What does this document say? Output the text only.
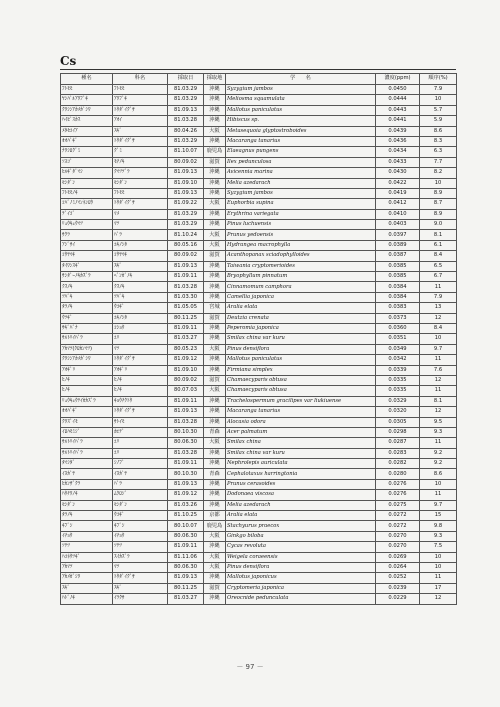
Cs
種名	科名	採取日	採取地	学　　名	濃度(ppm)	順序(%)
ﾌﾄﾓﾓ	ﾌﾄﾓﾓ	81.03.29	沖縄	Syzygium jambos	0.0450	7.9
ﾔﾝﾊﾞﾙｱﾜﾌﾞｷ	ｱﾜﾌﾞｷ	81.03.29	沖縄	Meliosma squamulata	0.0444	10
ｸﾜｼﾝｱｶﾒｶﾞｼﾜ	ﾄｳﾀﾞｲｸﾞｻ	81.09.13	沖縄	Mallotus paniculatus	0.0443	5.7
ﾊｲﾋﾞｽｶｽ	ｱｵｲ	81.03.28	沖縄	Hibiscus sp.	0.0441	5.9
ﾒﾀｾｺｲｱ	ｽｷﾞ	80.04.26	大阪	Metasequoia glyptostroboides	0.0439	8.6
ｵｵﾊﾞｷﾞ	ﾄｳﾀﾞｲｸﾞｻ	81.03.29	沖縄	Macaranga tanarius	0.0436	8.3
ﾅﾜｼﾛｸﾞﾐ	ｸﾞﾐ	81.10.07	鹿児島	Elaeagnus pungens	0.0434	6.3
ｿﾖｺﾞ	ﾓﾁﾉｷ	80.09.02	滋賀	Ilex pedunculosa	0.0433	7.7
ﾋﾙｷﾞﾀﾞﾏｼ	ｸﾏﾂﾂﾞﾗ	81.09.13	沖縄	Avicennia marina	0.0430	8.2
ｾﾝﾀﾞﾝ	ｾﾝﾀﾞﾝ	81.09.10	沖縄	Melia azedarach	0.0422	10
ﾌﾄﾓﾓﾉｷ	ﾌﾄﾓﾓ	81.09.13	沖縄	Syzygium jambos	0.0419	8.9
ｺﾊﾞﾉﾐﾉﾏﾝﾈﾝﾛｳ	ﾄｳﾀﾞｲｸﾞｻ	81.09.22	大阪	Euphorbia supina	0.0412	8.7
ﾃﾞｲｺﾞ	ﾏﾒ	81.03.29	沖縄	Erythrina variegata	0.0410	8.9
ﾘｭｳｷｭｳﾏﾂ	ﾏﾂ	81.03.29	沖縄	Pinus luchuensis	0.0403	9.0
ｻｸﾗ	ﾊﾞﾗ	81.10.24	大阪	Prunus yedoensis	0.0397	8.1
ｱｼﾞｻｲ	ﾕｷﾉｼﾀ	80.05.16	大阪	Hydrangea macrophylla	0.0389	6.1
ｺｳﾔﾏｷ	ｺｳﾔﾏｷ	80.09.02	滋賀	Acanthopanax sciadophylloides	0.0387	8.4
ﾀｲﾜﾝｽｷﾞ	ｽｷﾞ	81.09.13	沖縄	Taiwania cryptomerioides	0.0385	6.5
ｻﾝﾀﾞｰﾉｷｶｽﾞﾗ	ﾍﾟﾝｶﾞﾉｷ	81.09.11	沖縄	Bryophyllum pinnatum	0.0385	6.7
ｸｽﾉｷ	ｸｽﾉｷ	81.03.28	沖縄	Cinnamomum camphora	0.0384	11
ﾂﾊﾞｷ	ﾂﾊﾞｷ	81.03.30	沖縄	Camellia japonica	0.0384	7.9
ﾀﾗﾉｷ	ｳｺｷﾞ	81.05.05	宮城	Aralia elata	0.0383	13
ｳﾂｷﾞ	ﾕｷﾉｼﾀ	80.11.25	滋賀	Deutzia crenata	0.0373	12
ｻｷﾞﾊﾞﾅ	ｺｼｮｳ	81.09.11	沖縄	Peperomia japonica	0.0360	8.4
ｻﾙﾄﾘｲﾊﾞﾗ	ﾕﾘ	81.03.27	沖縄	Smilax china var kuru	0.0351	10
ｱｶﾏﾂ(ｸﾛｶﾝﾏﾂ)	ﾏﾂ	80.05.23	大阪	Pinus densiflora	0.0349	9.7
ｸﾜｼﾝｱｶﾒｶﾞｼﾜ	ﾄｳﾀﾞｲｸﾞｻ	81.09.12	沖縄	Mallotus paniculatus	0.0342	11
ｱｵｷﾞﾘ	ｱｵｷﾞﾘ	81.09.10	沖縄	Firmiana simplex	0.0339	7.6
ﾋﾉｷ	ﾋﾉｷ	80.09.02	滋賀	Chamaecyparis obtusa	0.0335	12
ﾋﾉｷ	ﾋﾉｷ	80.07.03	大阪	Chamaecyparis obtusa	0.0335	11
ﾘｭｳｷｭｳﾃｲｶｶｽﾞﾗ	ｷｮｳﾁｸﾄｳ	81.09.11	沖縄	Trachelospermum gracilipes var liukiuense	0.0329	8.1
ｵｵﾊﾞｷﾞ	ﾄｳﾀﾞｲｸﾞｻ	81.09.13	沖縄	Macaranga tanarius	0.0320	12
ｸﾜｽﾞｲﾓ	ｻﾄｲﾓ	81.03.28	沖縄	Alocasia odora	0.0305	9.5
ｲﾛﾊﾓﾐｼﾞ	ｶｴﾃﾞ	80.10.30	青森	Acer palmatum	0.0298	9.3
ｻﾙﾄﾘｲﾊﾞﾗ	ﾕﾘ	80.06.30	大阪	Smilax china	0.0287	11
ｻﾙﾄﾘｲﾊﾞﾗ	ﾕﾘ	81.03.28	沖縄	Smilax china var kuru	0.0283	9.2
ﾀﾏｼﾀﾞ	ｼﾉﾌﾞ	81.09.11	沖縄	Nephrolepis auriculata	0.0282	9.2
ｲﾇｶﾞﾔ	ｲﾇｶﾞﾔ	80.10.30	青森	Cephalotaxus harringtonia	0.0280	8.6
ﾋｶﾝｻﾞｸﾗ	ﾊﾞﾗ	81.09.13	沖縄	Prunus cerasoides	0.0276	10
ﾊｳﾁﾜﾉｷ	ﾑｸﾛｼﾞ	81.09.12	沖縄	Dodonaea viscosa	0.0276	11
ｾﾝﾀﾞﾝ	ｾﾝﾀﾞﾝ	81.03.26	沖縄	Melia azedarach	0.0275	9.7
ﾀﾗﾉｷ	ｳｺｷﾞ	81.10.25	京都	Aralia elata	0.0272	15
ｷﾌﾞｼ	ｷﾌﾞｼ	80.10.07	鹿児島	Stachyurus praecox	0.0272	9.8
ｲﾁｮｳ	ｲﾁｮｳ	80.06.30	大阪	Ginkgo biloba	0.0270	9.3
ｿﾃﾂ	ｿﾃﾂ	81.09.11	沖縄	Cycas revoluta	0.0270	7.5
ﾊｺﾈｳﾂｷﾞ	ｽｲｶｽﾞﾗ	81.11.06	大阪	Weigela coraeensis	0.0269	10
ｱｶﾏﾂ	ﾏﾂ	80.06.30	大阪	Pinus densiflora	0.0264	10
ｱｶﾒｶﾞｼﾜ	ﾄｳﾀﾞｲｸﾞｻ	81.09.13	沖縄	Mallotus japonicus	0.0252	11
ｽｷﾞ	ｽｷﾞ	80.11.25	滋賀	Cryptomeria japonica	0.0239	17
ﾊﾄﾞﾉｷ	ｲﾗｸｻ	81.03.27	沖縄	Oreocnide pedunculata	0.0229	12
－ 97 －
